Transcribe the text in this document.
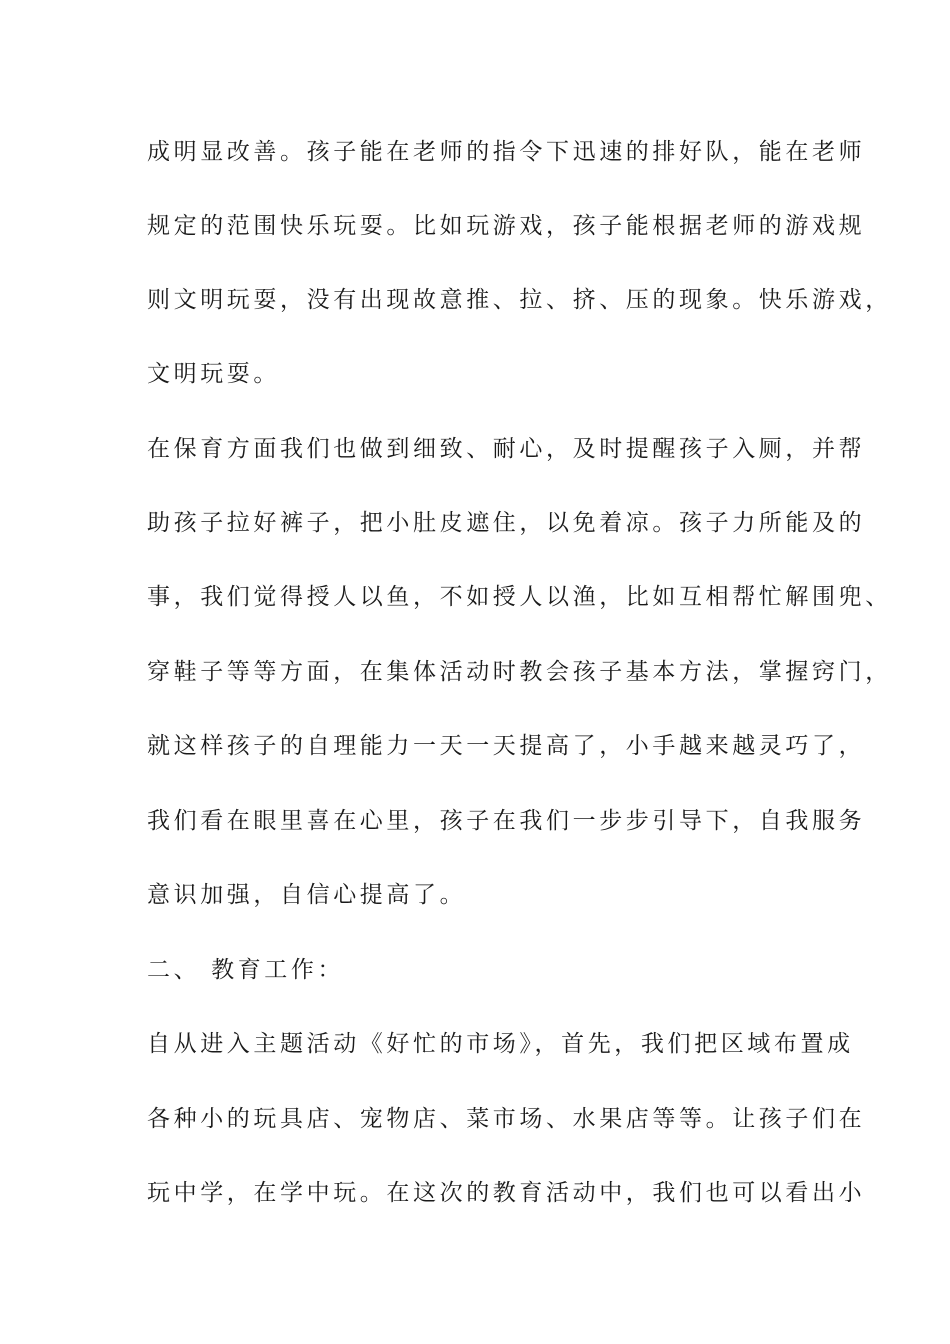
成明显改善。孩子能在老师的指令下迅速的排好队，能在老师
规定的范围快乐玩耍。比如玩游戏，孩子能根据老师的游戏规
则文明玩耍，没有出现故意推、拉、挤、压的现象。快乐游戏，
文明玩耍。
在保育方面我们也做到细致、耐心，及时提醒孩子入厕，并帮
助孩子拉好裤子，把小肚皮遮住，以免着凉。孩子力所能及的
事，我们觉得授人以鱼，不如授人以渔，比如互相帮忙解围兜、
穿鞋子等等方面，在集体活动时教会孩子基本方法，掌握窍门，
就这样孩子的自理能力一天一天提高了，小手越来越灵巧了，
我们看在眼里喜在心里，孩子在我们一步步引导下，自我服务
意识加强，自信心提高了。
二、 教育工作：
自从进入主题活动《好忙的市场》，首先，我们把区域布置成
各种小的玩具店、宠物店、菜市场、水果店等等。让孩子们在
玩中学，在学中玩。在这次的教育活动中，我们也可以看出小
